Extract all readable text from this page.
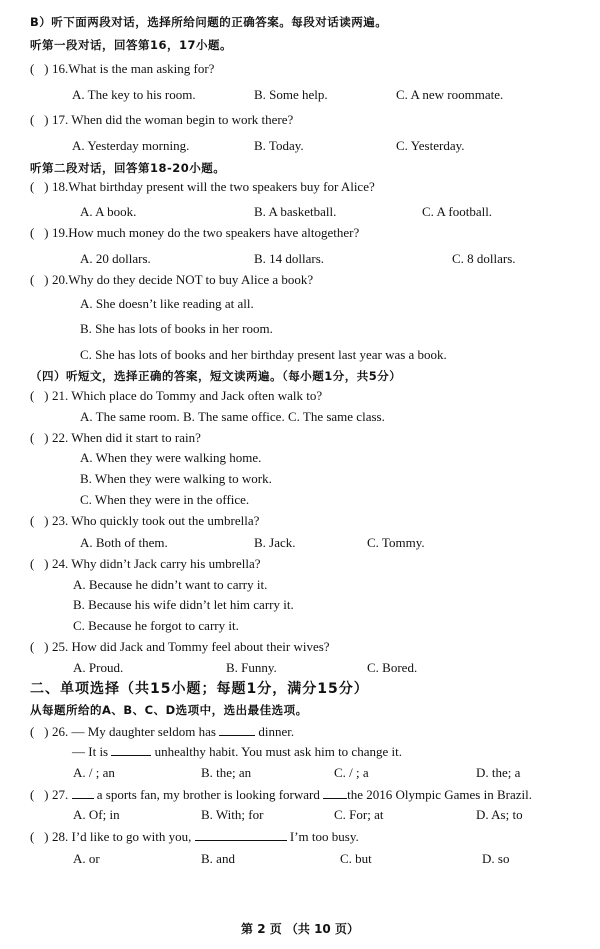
B）听下面两段对话，选择所给问题的正确答案。每段对话读两遍。
听第一段对话，回答第16，17小题。
( ) 16.What is the man asking for?
A. The key to his room.	B. Some help.	C. A new roommate.
( ) 17. When did the woman begin to work there?
A. Yesterday morning.	B. Today.	C. Yesterday.
听第二段对话，回答第18-20小题。
( ) 18.What birthday present will the two speakers buy for Alice?
A. A book.	B. A basketball.	C. A football.
( ) 19.How much money do the two speakers have altogether?
A. 20 dollars.	B. 14 dollars.	C. 8 dollars.
( ) 20.Why do they decide NOT to buy Alice a book?
A. She doesn’t like reading at all.
B. She has lots of books in her room.
C. She has lots of books and her birthday present last year was a book.
（四）听短文，选择正确的答案，短文读两遍。（每小题1分，共5分）
( ) 21. Which place do Tommy and Jack often walk to?
A. The same room. B. The same office. C. The same class.
( ) 22. When did it start to rain?
A. When they were walking home.
B. When they were walking to work.
C. When they were in the office.
( ) 23. Who quickly took out the umbrella?
A. Both of them.	B. Jack.	C. Tommy.
( ) 24. Why didn’t Jack carry his umbrella?
A. Because he didn’t want to carry it.
B. Because his wife didn’t let him carry it.
C. Because he forgot to carry it.
( ) 25. How did Jack and Tommy feel about their wives?
A. Proud.	B. Funny.	C. Bored.
二、单项选择（共15小题；每题1分，满分15分）
从每题所给的A、B、C、D选项中，选出最佳选项。
( ) 26. — My daughter seldom has	dinner.
— It is	unhealthy habit. You must ask him to change it.
A. / ; an	B. the; an	C. / ; a	D. the; a
( ) 27.  a sports fan, my brother is looking forward the 2016 Olympic Games in Brazil.
A. Of; in	B. With; for	C. For; at	D. As; to
( ) 28. I’d like to go with you,	I’m too busy.
A. or	B. and	C. but	D. so
第 2 页 （共 10 页）
